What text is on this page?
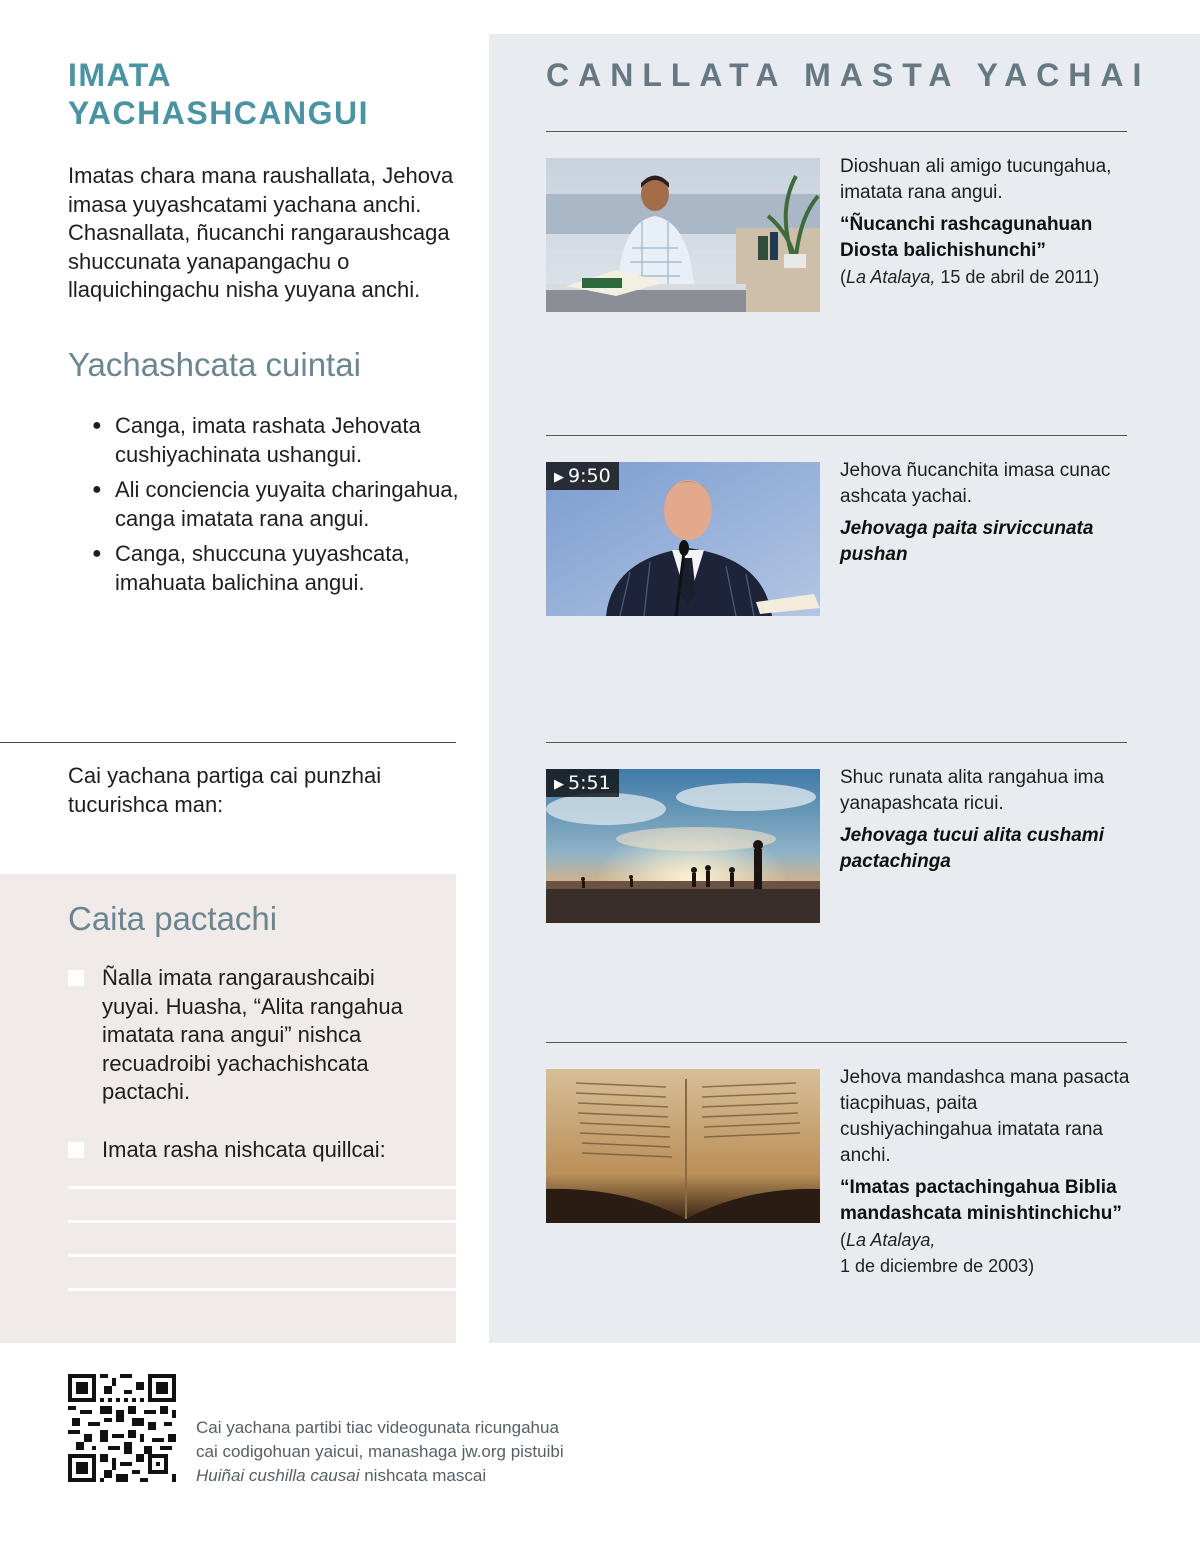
IMATA YACHASHCANGUI

Imatas chara mana raushallata, Jehova imasa yuyashcatami yachana anchi. Chasnallata, ñucanchi rangaraushcaga shuccunata yanapangachu o llaquichingachu nisha yuyana anchi.

Yachashcata cuintai
● Canga, imata rashata Jehovata cushiyachinata ushangui.
● Ali conciencia yuyaita charingahua, canga imatata rana angui.
● Canga, shuccuna yuyashcata, imahuata balichina angui.

Cai yachana partiga cai punzhai tucurishca man:

Caita pactachi
Ñalla imata rangaraushcaibi yuyai. Huasha, “Alita rangahua imatata rana angui” nishca recuadroibi yachachishcata pactachi.
Imata rasha nishcata quillcai:
CANLLATA MASTA YACHAI

Dioshuan ali amigo tucungahua, imatata rana angui.

“Ñucanchi rashcagunahuan Diosta balichishunchi”

(La Atalaya, 15 de abril de 2011)

▶ 9:50	Jehova ñucanchita imasa cunac ashcata yachai.

Jehovaga paita sirviccunata pushan

▶ 5:51	Shuc runata alita rangahua ima yanapashcata ricui.

Jehovaga tucui alita cushami pactachinga

Jehova mandashca mana pasacta tiacpihuas, paita cushiyachingahua imatata rana anchi.

“Imatas pactachingahua Biblia mandashcata minishtinchichu”

(La Atalaya,
1 de diciembre de 2003)

Cai yachana partibi tiac videogunata ricungahua
cai codigohuan yaicui, manashaga jw.org pistuibi
Huiñai cushilla causai nishcata mascai
